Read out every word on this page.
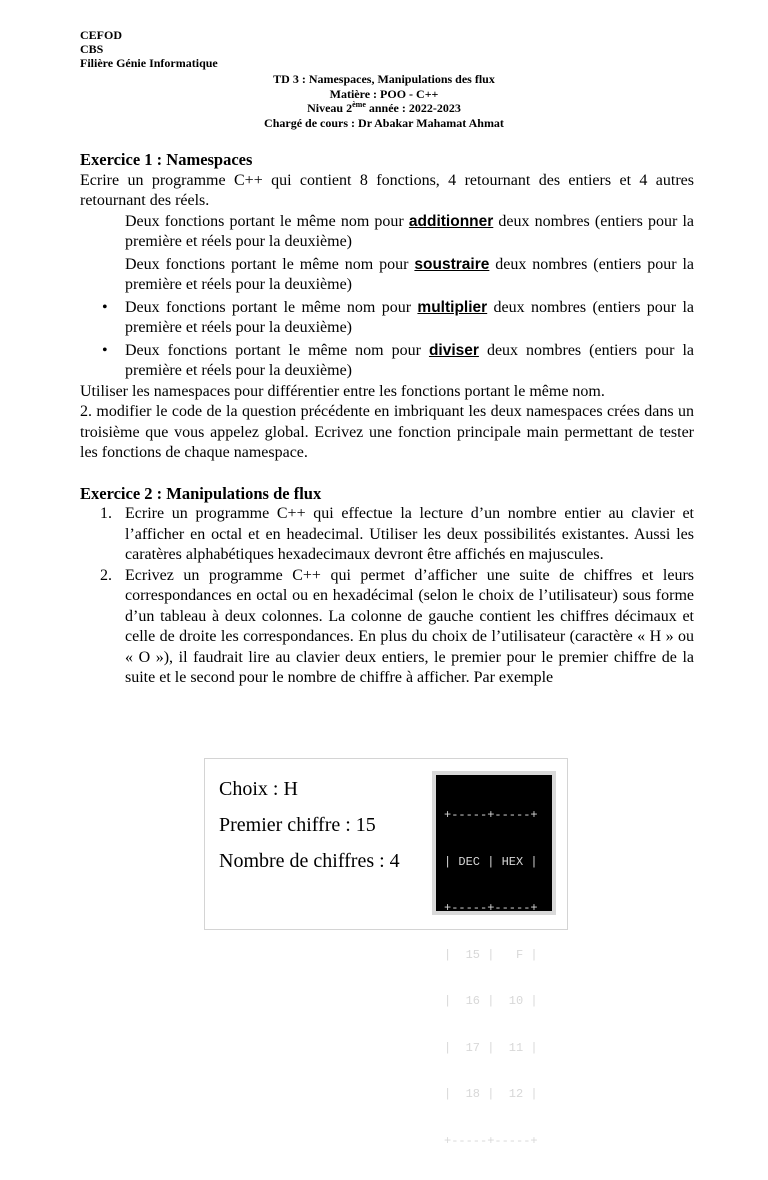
CEFOD
CBS
Filière Génie Informatique
TD 3 : Namespaces, Manipulations des flux
Matière : POO - C++
Niveau 2ème année : 2022-2023
Chargé de cours : Dr Abakar Mahamat Ahmat

Exercice 1 : Namespaces

Ecrire un programme C++ qui contient 8 fonctions, 4 retournant des entiers et 4 autres retournant des réels.

Deux fonctions portant le même nom pour additionner deux nombres (entiers pour la première et réels pour la deuxième)
Deux fonctions portant le même nom pour soustraire deux nombres (entiers pour la première et réels pour la deuxième)
• Deux fonctions portant le même nom pour multiplier deux nombres (entiers pour la première et réels pour la deuxième)
• Deux fonctions portant le même nom pour diviser deux nombres (entiers pour la première et réels pour la deuxième)

Utiliser les namespaces pour différentier entre les fonctions portant le même nom.

2. modifier le code de la question précédente en imbriquant les deux namespaces crées dans un troisième que vous appelez global. Ecrivez une fonction principale main permettant de tester les fonctions de chaque namespace.

Exercice 2 : Manipulations de flux

1. Ecrire un programme C++ qui effectue la lecture d’un nombre entier au clavier et l’afficher en octal et en headecimal. Utiliser les deux possibilités existantes. Aussi les caratères alphabétiques hexadecimaux devront être affichés en majuscules.
2. Ecrivez un programme C++ qui permet d’afficher une suite de chiffres et leurs correspondances en octal ou en hexadécimal (selon le choix de l’utilisateur) sous forme d’un tableau à deux colonnes. La colonne de gauche contient les chiffres décimaux et celle de droite les correspondances. En plus du choix de l’utilisateur (caractère « H » ou « O »), il faudrait lire au clavier deux entiers, le premier pour le premier chiffre de la suite et le second pour le nombre de chiffre à afficher. Par exemple
Choix : H
Premier chiffre : 15
Nombre de chiffres : 4

+-----+-----+

| DEC | HEX |

+-----+-----+

|  15 |   F |

|  16 |  10 |

|  17 |  11 |

|  18 |  12 |

+-----+-----+
